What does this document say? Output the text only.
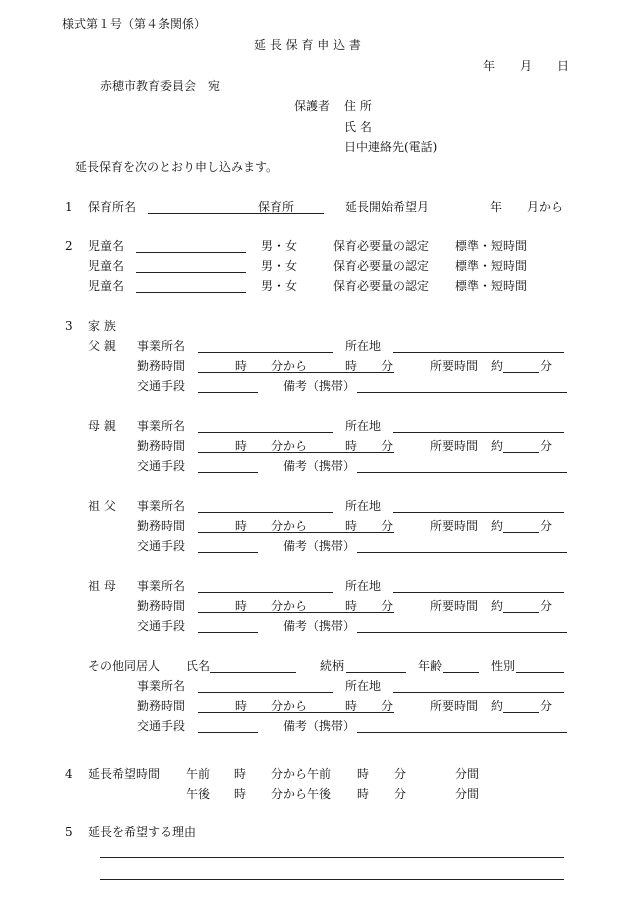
様式第１号（第４条関係）
延 長 保 育 申 込 書
年 月 日
赤穂市教育委員会　宛
保護者 住 所
氏 名
日中連絡先(電話)
延長保育を次のとおり申し込みます。
1 保育所名	保育所	延長開始希望月	年 月から
2 児童名	男・女	保育必要量の認定 標準・短時間
児童名	男・女	保育必要量の認定 標準・短時間
児童名	男・女	保育必要量の認定 標準・短時間
3 家 族
父 親 事業所名	所在地
勤務時間	時 分から	時 分	所要時間 約	分
交通手段	備考（携帯）
母 親 事業所名	所在地
勤務時間	時 分から	時 分	所要時間 約	分
交通手段	備考（携帯）
祖 父 事業所名	所在地
勤務時間	時 分から	時 分	所要時間 約	分
交通手段	備考（携帯）
祖 母 事業所名	所在地
勤務時間	時 分から	時 分	所要時間 約	分
交通手段	備考（携帯）
その他同居人 氏名	続柄	年齢	性別
事業所名	所在地
勤務時間	時 分から	時 分	所要時間 約	分
交通手段	備考（携帯）
4 延長希望時間 午前 時 分から 午前 時 分	分間
午後 時 分から 午後 時 分	分間
5 延長を希望する理由
